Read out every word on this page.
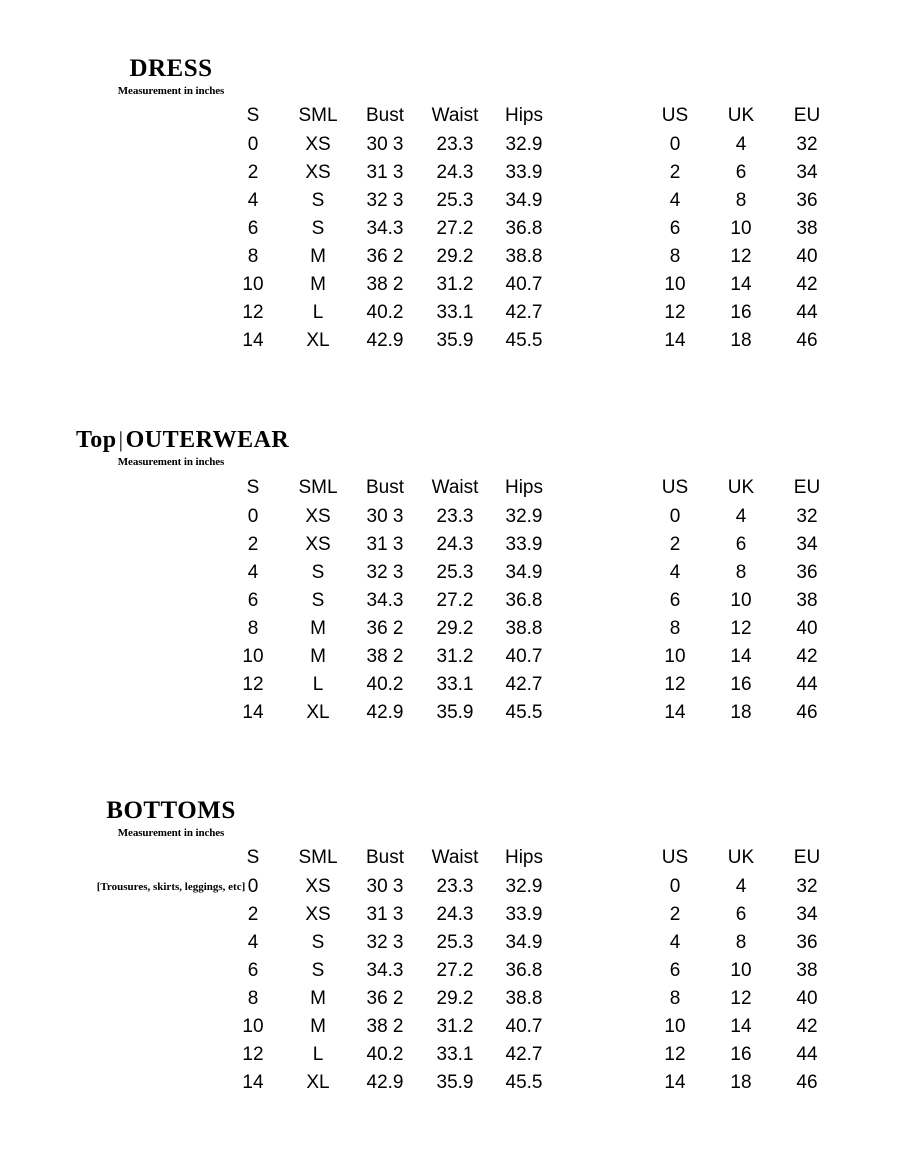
DRESS
Measurement in inches
S	SML	Bust	Waist	Hips		US	UK	EU
0	XS	30 3	23.3	32.9		0	4	32
2	XS	31 3	24.3	33.9		2	6	34
4	S	32 3	25.3	34.9		4	8	36
6	S	34.3	27.2	36.8		6	10	38
8	M	36 2	29.2	38.8		8	12	40
10	M	38 2	31.2	40.7		10	14	42
12	L	40.2	33.1	42.7		12	16	44
14	XL	42.9	35.9	45.5		14	18	46
Top|OUTERWEAR
Measurement in inches
S	SML	Bust	Waist	Hips		US	UK	EU
0	XS	30 3	23.3	32.9		0	4	32
2	XS	31 3	24.3	33.9		2	6	34
4	S	32 3	25.3	34.9		4	8	36
6	S	34.3	27.2	36.8		6	10	38
8	M	36 2	29.2	38.8		8	12	40
10	M	38 2	31.2	40.7		10	14	42
12	L	40.2	33.1	42.7		12	16	44
14	XL	42.9	35.9	45.5		14	18	46
BOTTOMS
Measurement in inches
[Trousures, skirts, leggings, etc]
S	SML	Bust	Waist	Hips		US	UK	EU
0	XS	30 3	23.3	32.9		0	4	32
2	XS	31 3	24.3	33.9		2	6	34
4	S	32 3	25.3	34.9		4	8	36
6	S	34.3	27.2	36.8		6	10	38
8	M	36 2	29.2	38.8		8	12	40
10	M	38 2	31.2	40.7		10	14	42
12	L	40.2	33.1	42.7		12	16	44
14	XL	42.9	35.9	45.5		14	18	46
